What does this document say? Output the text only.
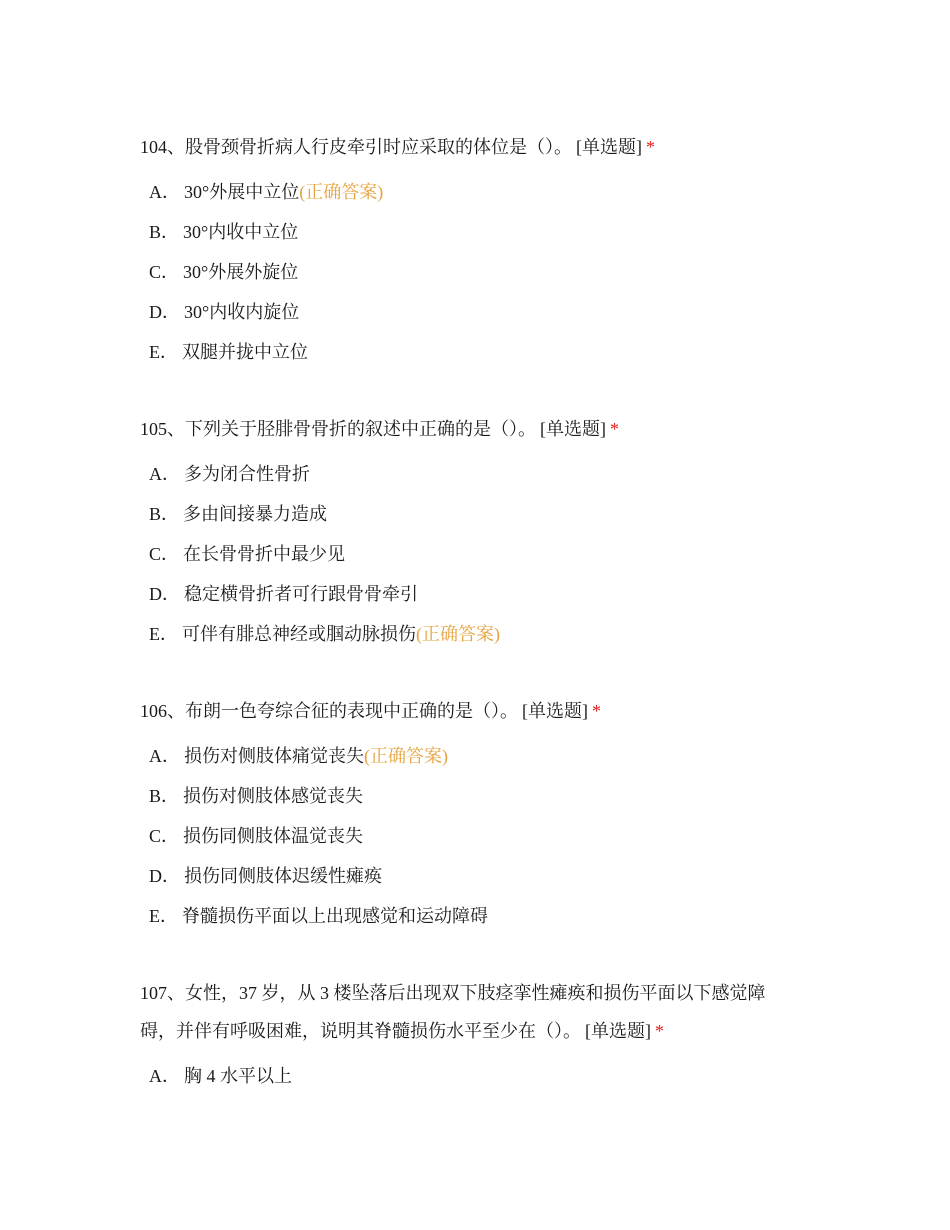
104、股骨颈骨折病人行皮牵引时应采取的体位是（）。 [单选题] *

A． 30°外展中立位(正确答案)
B． 30°内收中立位
C． 30°外展外旋位
D． 30°内收内旋位
E． 双腿并拢中立位

105、下列关于胫腓骨骨折的叙述中正确的是（）。 [单选题] *

A． 多为闭合性骨折
B． 多由间接暴力造成
C． 在长骨骨折中最少见
D． 稳定横骨折者可行跟骨骨牵引
E． 可伴有腓总神经或腘动脉损伤(正确答案)

106、布朗一色夸综合征的表现中正确的是（）。 [单选题] *

A． 损伤对侧肢体痛觉丧失(正确答案)
B． 损伤对侧肢体感觉丧失
C． 损伤同侧肢体温觉丧失
D． 损伤同侧肢体迟缓性瘫痪
E． 脊髓损伤平面以上出现感觉和运动障碍

107、女性，37 岁，从 3 楼坠落后出现双下肢痉挛性瘫痪和损伤平面以下感觉障碍，并伴有呼吸困难，说明其脊髓损伤水平至少在（）。 [单选题] *

A． 胸 4 水平以上
